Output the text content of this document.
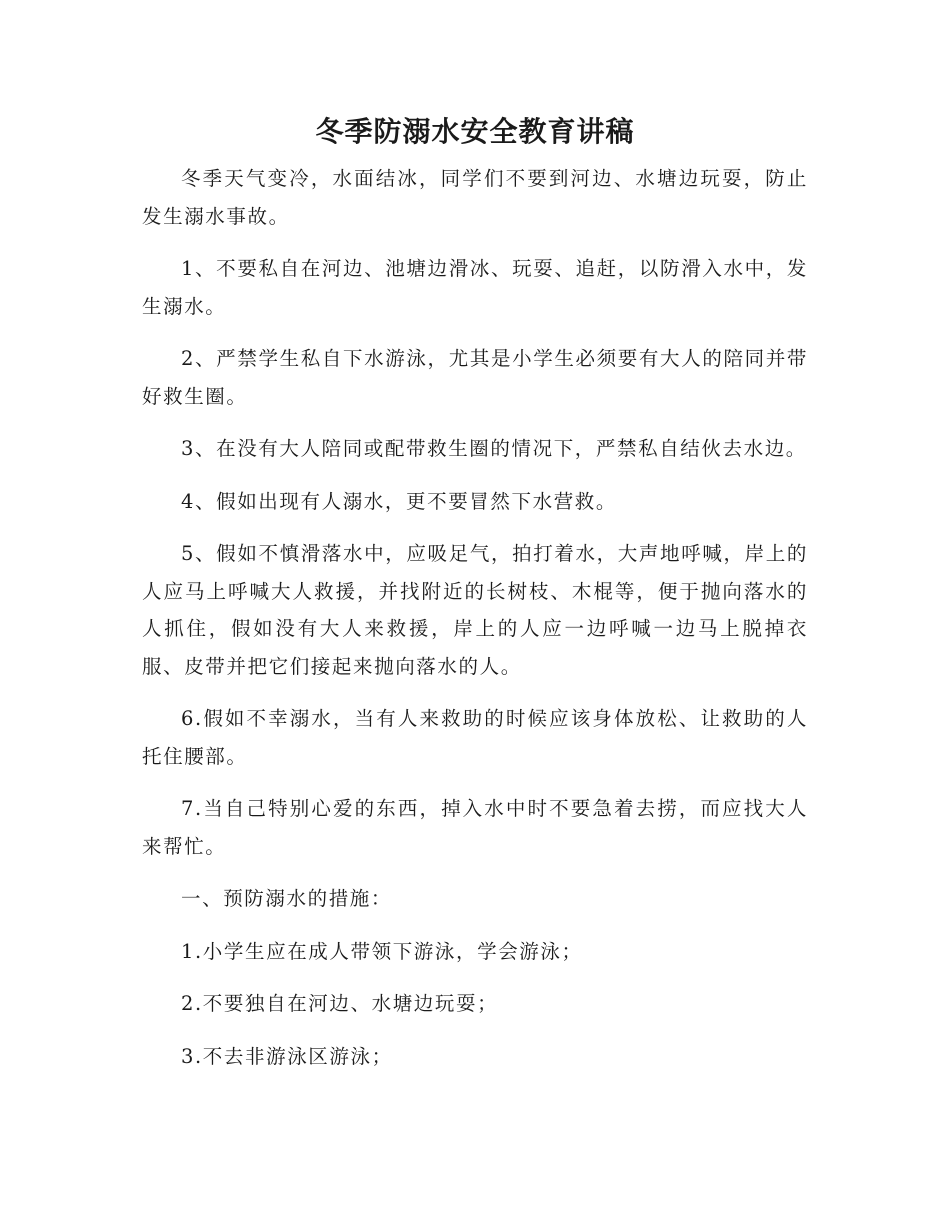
冬季防溺水安全教育讲稿

冬季天气变冷，水面结冰，同学们不要到河边、水塘边玩耍，防止发生溺水事故。

1、不要私自在河边、池塘边滑冰、玩耍、追赶，以防滑入水中，发生溺水。

2、严禁学生私自下水游泳，尤其是小学生必须要有大人的陪同并带好救生圈。

3、在没有大人陪同或配带救生圈的情况下，严禁私自结伙去水边。

4、假如出现有人溺水，更不要冒然下水营救。

5、假如不慎滑落水中，应吸足气，拍打着水，大声地呼喊，岸上的人应马上呼喊大人救援，并找附近的长树枝、木棍等，便于抛向落水的人抓住，假如没有大人来救援，岸上的人应一边呼喊一边马上脱掉衣服、皮带并把它们接起来抛向落水的人。

6.假如不幸溺水，当有人来救助的时候应该身体放松、让救助的人托住腰部。

7.当自己特别心爱的东西，掉入水中时不要急着去捞，而应找大人来帮忙。

一、预防溺水的措施：

1.小学生应在成人带领下游泳，学会游泳；

2.不要独自在河边、水塘边玩耍；

3.不去非游泳区游泳；
